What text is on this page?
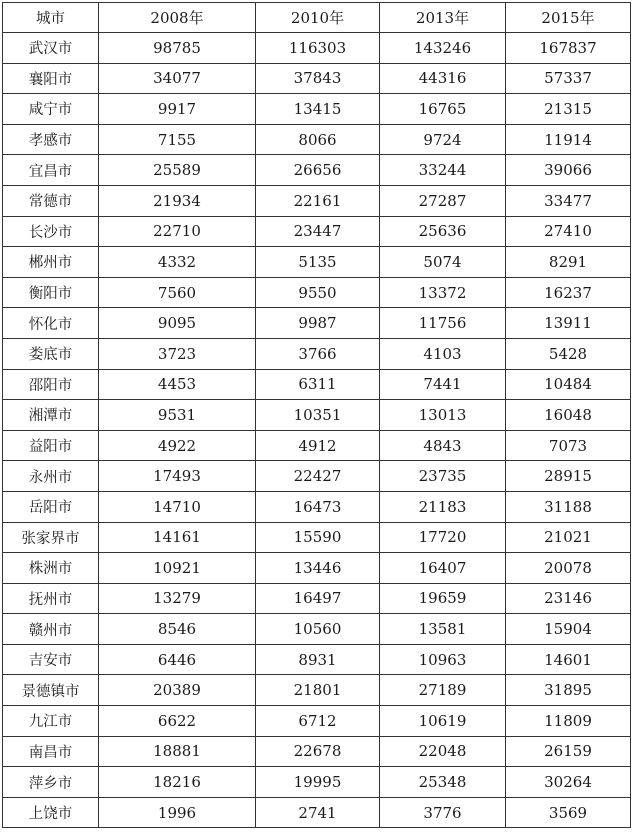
城市	2008年	2010年	2013年	2015年
武汉市	98785	116303	143246	167837
襄阳市	34077	37843	44316	57337
咸宁市	9917	13415	16765	21315
孝感市	7155	8066	9724	11914
宜昌市	25589	26656	33244	39066
常德市	21934	22161	27287	33477
长沙市	22710	23447	25636	27410
郴州市	4332	5135	5074	8291
衡阳市	7560	9550	13372	16237
怀化市	9095	9987	11756	13911
娄底市	3723	3766	4103	5428
邵阳市	4453	6311	7441	10484
湘潭市	9531	10351	13013	16048
益阳市	4922	4912	4843	7073
永州市	17493	22427	23735	28915
岳阳市	14710	16473	21183	31188
张家界市	14161	15590	17720	21021
株洲市	10921	13446	16407	20078
抚州市	13279	16497	19659	23146
赣州市	8546	10560	13581	15904
吉安市	6446	8931	10963	14601
景德镇市	20389	21801	27189	31895
九江市	6622	6712	10619	11809
南昌市	18881	22678	22048	26159
萍乡市	18216	19995	25348	30264
上饶市	1996	2741	3776	3569
